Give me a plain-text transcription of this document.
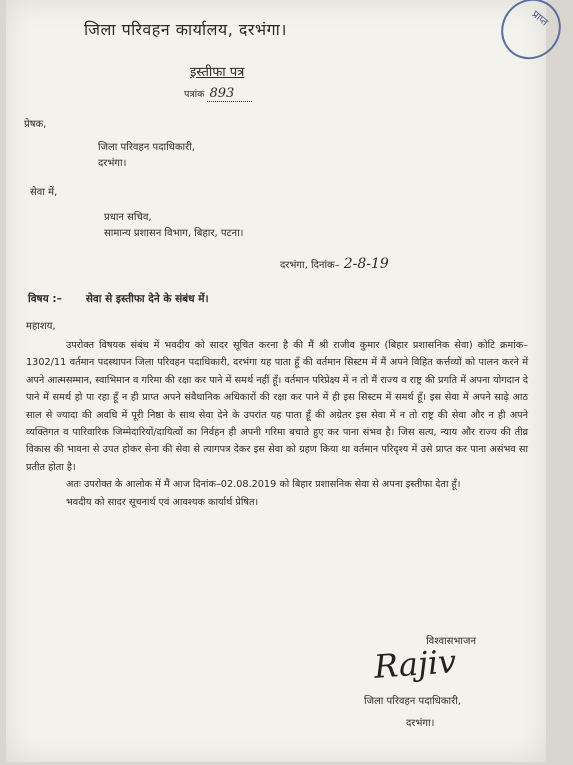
प्राप्त
जिला परिवहन कार्यालय, दरभंगा।
इस्तीफा पत्र
पत्रांक 893
प्रेषक,
जिला परिवहन पदाधिकारी,
दरभंगा।
सेवा में,
प्रधान सचिव,
सामान्य प्रशासन विभाग, बिहार, पटना।
दरभंगा, दिनांक– 2-8-19
विषय :– सेवा से इस्तीफा देने के संबंध में।
महाशय,

उपरोक्त विषयक संबंध में भवदीय को सादर सूचित करना है की मैं श्री राजीव कुमार (बिहार प्रशासनिक सेवा) कोटि क्रमांक–1302/11 वर्तमान पदस्थापन जिला परिवहन पदाधिकारी, दरभंगा यह पाता हूँ की वर्तमान सिस्टम में मैं अपने विहित कर्त्तव्यों को पालन करने में अपने आत्मसम्मान, स्वाभिमान व गरिमा की रक्षा कर पाने में समर्थ नहीं हूँ। वर्तमान परिप्रेक्ष्य में न तो मैं राज्य व राष्ट्र की प्रगति में अपना योगदान दे पाने में समर्थ हो पा रहा हूँ न ही प्राप्त अपने संवैधानिक अधिकारों की रक्षा कर पाने में ही इस सिस्टम में समर्थ हूँ। इस सेवा में अपने साढ़े आठ साल से ज्यादा की अवधि में पूरी निष्ठा के साथ सेवा देने के उपरांत यह पाता हूँ की अग्रेतर इस सेवा में न तो राष्ट्र की सेवा और न ही अपने व्यक्तिगत व पारिवारिक जिम्मेदारियों/दायित्वों का निर्वहन ही अपनी गरिमा बचाते हुए कर पाना संभव है। जिस सत्य, न्याय और राज्य की तीव्र विकास की भावना से उपत होकर सेना की सेवा से त्यागपत्र देकर इस सेवा को ग्रहण किया था वर्तमान परिदृश्य में उसे प्राप्त कर पाना असंभव सा प्रतीत होता है।

अतः उपरोक्त के आलोक में मैं आज दिनांक–02.08.2019 को बिहार प्रशासनिक सेवा से अपना इस्तीफा देता हूँ।

भवदीय को सादर सूचनार्थ एवं आवश्यक कार्यार्थ प्रेषित।

विश्वासभाजन
Rajiv
जिला परिवहन पदाधिकारी,
दरभंगा।
